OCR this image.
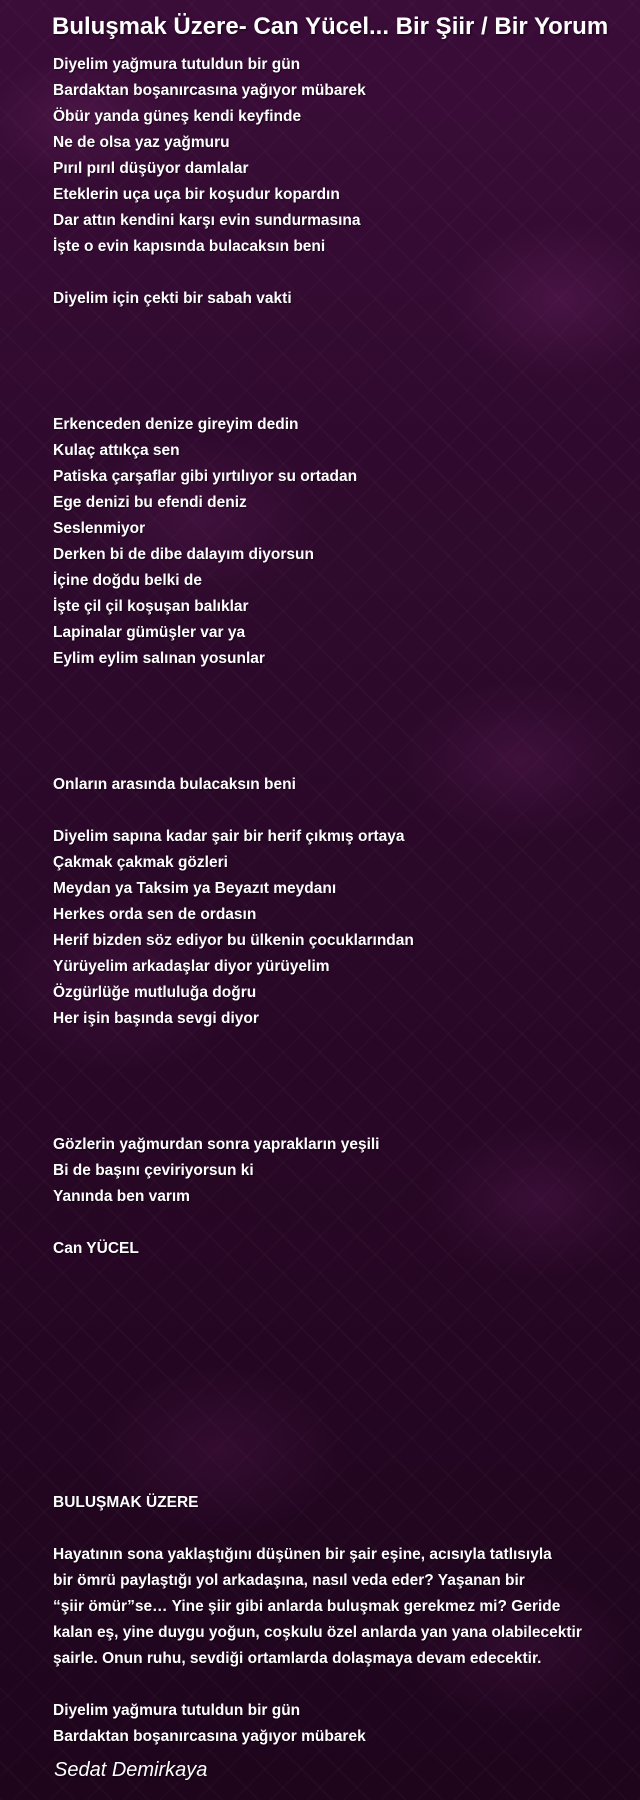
Buluşmak Üzere- Can Yücel... Bir Şiir / Bir Yorum
Diyelim yağmura tutuldun bir gün
Bardaktan boşanırcasına yağıyor mübarek
Öbür yanda güneş kendi keyfinde
Ne de olsa yaz yağmuru
Pırıl pırıl düşüyor damlalar
Eteklerin uça uça bir koşudur kopardın
Dar attın kendini karşı evin sundurmasına
İşte o evin kapısında bulacaksın beni
Diyelim için çekti bir sabah vakti
Erkenceden denize gireyim dedin
Kulaç attıkça sen
Patiska çarşaflar gibi yırtılıyor su ortadan
Ege denizi bu efendi deniz
Seslenmiyor
Derken bi de dibe dalayım diyorsun
İçine doğdu belki de
İşte çil çil koşuşan balıklar
Lapinalar gümüşler var ya
Eylim eylim salınan yosunlar
Onların arasında bulacaksın beni
Diyelim sapına kadar şair bir herif çıkmış ortaya
Çakmak çakmak gözleri
Meydan ya Taksim ya Beyazıt meydanı
Herkes orda sen de ordasın
Herif bizden söz ediyor bu ülkenin çocuklarından
Yürüyelim arkadaşlar diyor yürüyelim
Özgürlüğe mutluluğa doğru
Her işin başında sevgi diyor
Gözlerin yağmurdan sonra yaprakların yeşili
Bi de başını çeviriyorsun ki
Yanında ben varım
Can YÜCEL
BULUŞMAK ÜZERE
Hayatının sona yaklaştığını düşünen bir şair eşine, acısıyla tatlısıyla
bir ömrü paylaştığı yol arkadaşına, nasıl veda eder? Yaşanan bir
“şiir ömür”se… Yine şiir gibi anlarda buluşmak gerekmez mi? Geride
kalan eş, yine duygu yoğun, coşkulu özel anlarda yan yana olabilecektir
şairle. Onun ruhu, sevdiği ortamlarda dolaşmaya devam edecektir.
Diyelim yağmura tutuldun bir gün
Bardaktan boşanırcasına yağıyor mübarek
Sedat Demirkaya
